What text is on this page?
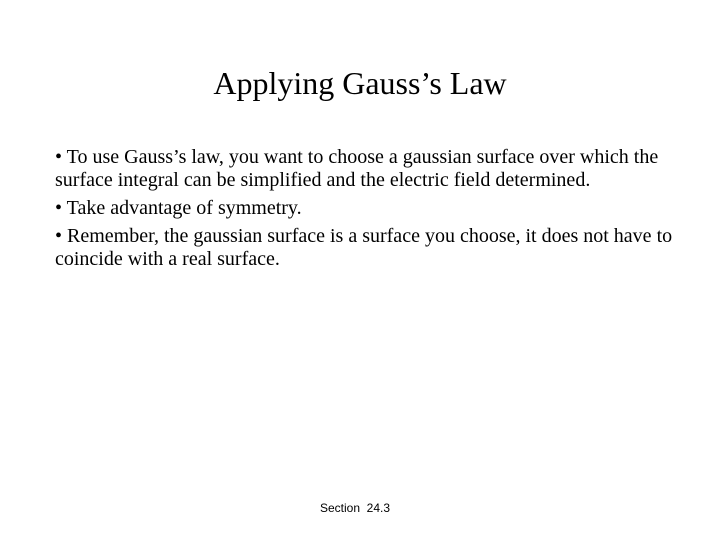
Applying Gauss’s Law
• To use Gauss’s law, you want to choose a gaussian surface over which the surface integral can be simplified and the electric field determined.
• Take advantage of symmetry.
• Remember, the gaussian surface is a surface you choose, it does not have to coincide with a real surface.
Section  24.3
